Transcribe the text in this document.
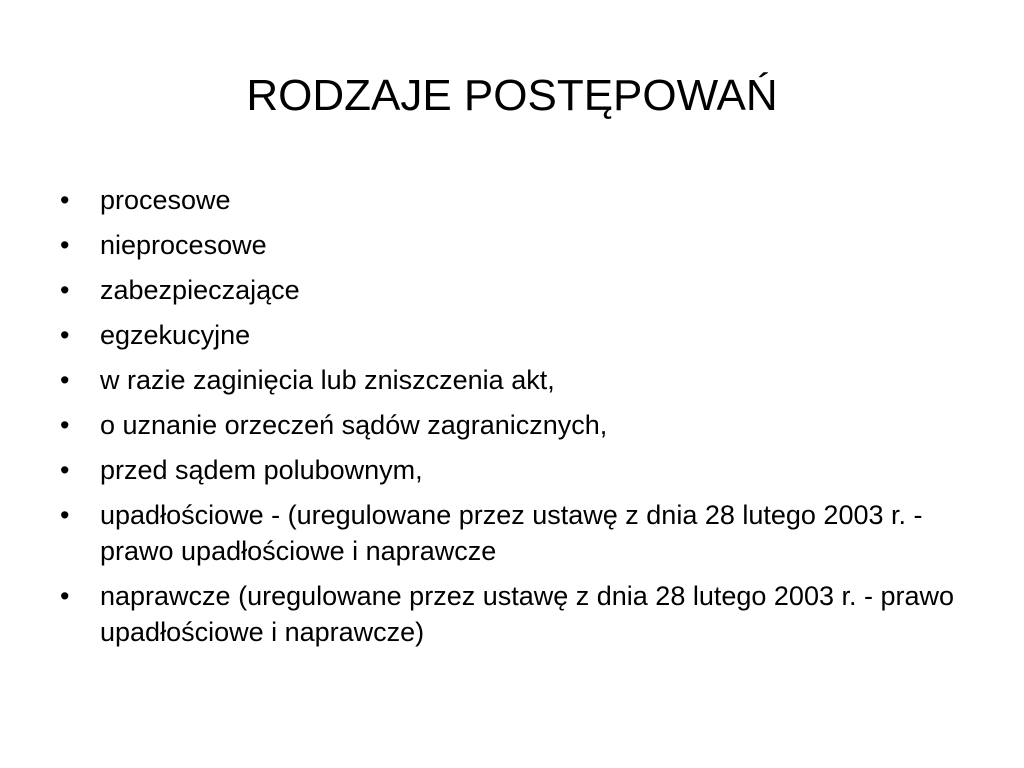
RODZAJE POSTĘPOWAŃ
•	procesowe
•	nieprocesowe
•	zabezpieczające
•	egzekucyjne
•	w razie zaginięcia lub zniszczenia akt,
•	o uznanie orzeczeń sądów zagranicznych,
•	przed sądem polubownym,
•	upadłościowe - (uregulowane przez ustawę z dnia 28 lutego 2003 r. - prawo upadłościowe i naprawcze
•	naprawcze (uregulowane przez ustawę z dnia 28 lutego 2003 r. - prawo upadłościowe i naprawcze)
